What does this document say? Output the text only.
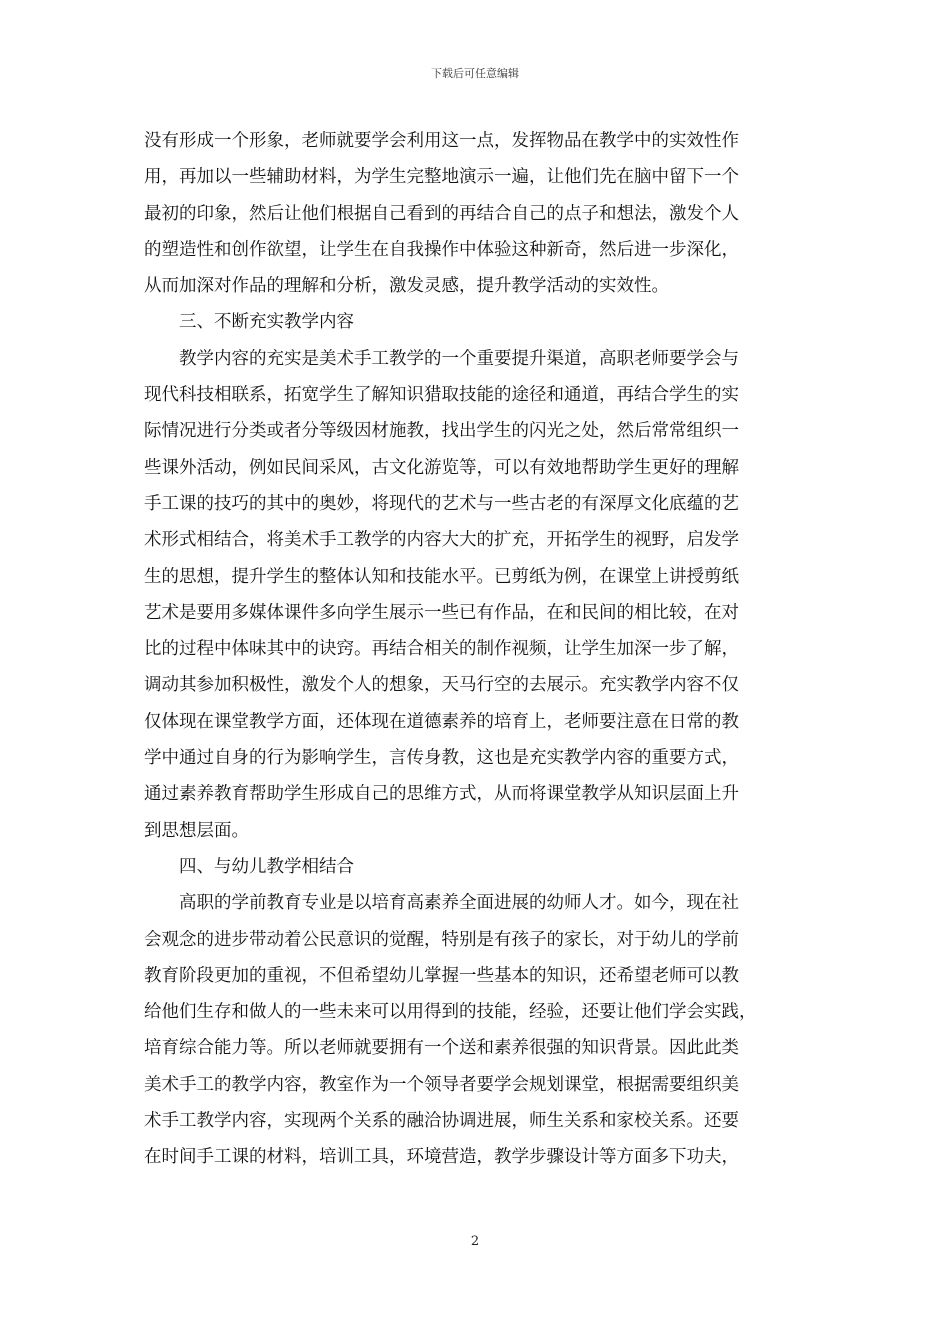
下载后可任意编辑
没有形成一个形象，老师就要学会利用这一点，发挥物品在教学中的实效性作
用，再加以一些辅助材料，为学生完整地演示一遍，让他们先在脑中留下一个
最初的印象，然后让他们根据自己看到的再结合自己的点子和想法，激发个人
的塑造性和创作欲望，让学生在自我操作中体验这种新奇，然后进一步深化，
从而加深对作品的理解和分析，激发灵感，提升教学活动的实效性。
三、不断充实教学内容
教学内容的充实是美术手工教学的一个重要提升渠道，高职老师要学会与
现代科技相联系，拓宽学生了解知识猎取技能的途径和通道，再结合学生的实
际情况进行分类或者分等级因材施教，找出学生的闪光之处，然后常常组织一
些课外活动，例如民间采风，古文化游览等，可以有效地帮助学生更好的理解
手工课的技巧的其中的奥妙，将现代的艺术与一些古老的有深厚文化底蕴的艺
术形式相结合，将美术手工教学的内容大大的扩充，开拓学生的视野，启发学
生的思想，提升学生的整体认知和技能水平。已剪纸为例，在课堂上讲授剪纸
艺术是要用多媒体课件多向学生展示一些已有作品，在和民间的相比较，在对
比的过程中体味其中的诀窍。再结合相关的制作视频，让学生加深一步了解，
调动其参加积极性，激发个人的想象，天马行空的去展示。充实教学内容不仅
仅体现在课堂教学方面，还体现在道德素养的培育上，老师要注意在日常的教
学中通过自身的行为影响学生，言传身教，这也是充实教学内容的重要方式，
通过素养教育帮助学生形成自己的思维方式，从而将课堂教学从知识层面上升
到思想层面。
四、与幼儿教学相结合
高职的学前教育专业是以培育高素养全面进展的幼师人才。如今，现在社
会观念的进步带动着公民意识的觉醒，特别是有孩子的家长，对于幼儿的学前
教育阶段更加的重视，不但希望幼儿掌握一些基本的知识，还希望老师可以教
给他们生存和做人的一些未来可以用得到的技能，经验，还要让他们学会实践，
培育综合能力等。所以老师就要拥有一个送和素养很强的知识背景。因此此类
美术手工的教学内容，教室作为一个领导者要学会规划课堂，根据需要组织美
术手工教学内容，实现两个关系的融洽协调进展，师生关系和家校关系。还要
在时间手工课的材料，培训工具，环境营造，教学步骤设计等方面多下功夫，
2
